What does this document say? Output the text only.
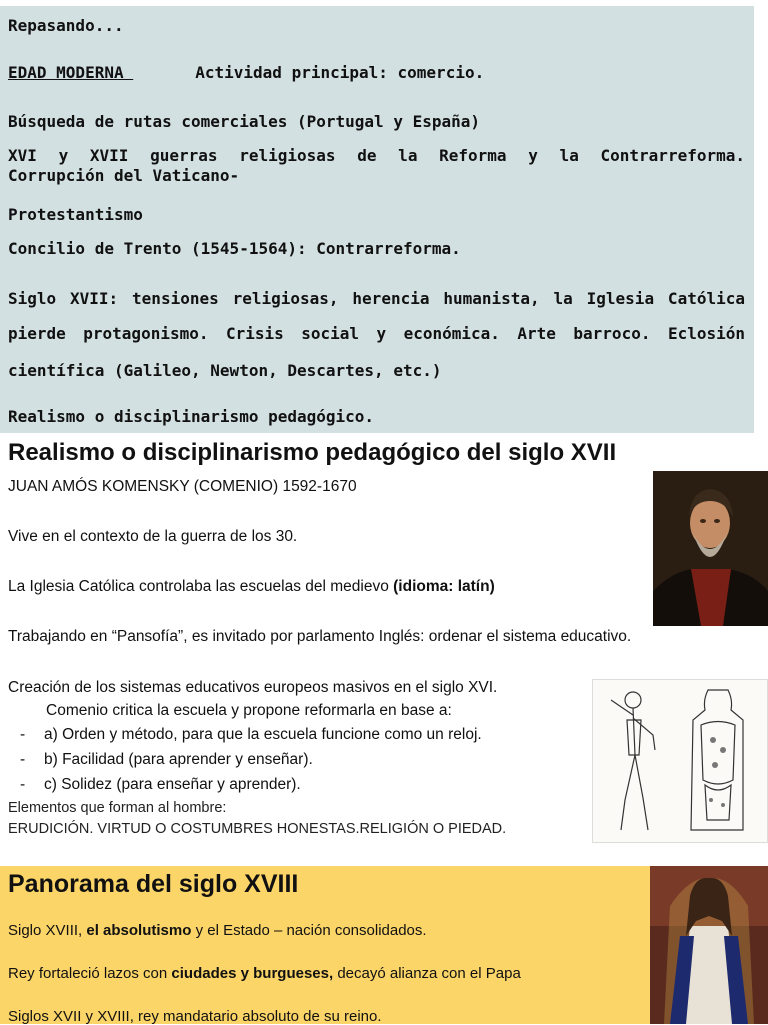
Repasando...
EDAD MODERNA	Actividad principal: comercio.
Búsqueda de rutas comerciales (Portugal y España)
XVI y XVII guerras religiosas de la Reforma y la Contrarreforma.
Corrupción del Vaticano-
Protestantismo
Concilio de Trento (1545-1564): Contrarreforma.
Siglo XVII: tensiones religiosas, herencia humanista, la Iglesia Católica
pierde protagonismo. Crisis social y económica. Arte barroco. Eclosión
científica (Galileo, Newton, Descartes, etc.)
Realismo o disciplinarismo pedagógico.
Realismo o disciplinarismo pedagógico del siglo XVII
JUAN AMÓS KOMENSKY (COMENIO) 1592-1670
Vive en el contexto de la guerra de los 30.
La Iglesia Católica controlaba las escuelas del medievo (idioma: latín)
Trabajando en “Pansofía”, es invitado por parlamento Inglés: ordenar el sistema educativo.
Creación de los sistemas educativos europeos masivos en el siglo XVI.
Comenio critica la escuela y propone reformarla en base a:
- a) Orden y método, para que la escuela funcione como un reloj.
- b) Facilidad (para aprender y enseñar).
- c) Solidez (para enseñar y aprender).
Elementos que forman al hombre:
ERUDICIÓN. VIRTUD O COSTUMBRES HONESTAS.RELIGIÓN O PIEDAD.
Panorama del siglo XVIII
Siglo XVIII, el absolutismo y el Estado – nación consolidados.
Rey fortaleció lazos con ciudades y burgueses, decayó alianza con el Papa
Siglos XVII y XVIII, rey mandatario absoluto de su reino.
